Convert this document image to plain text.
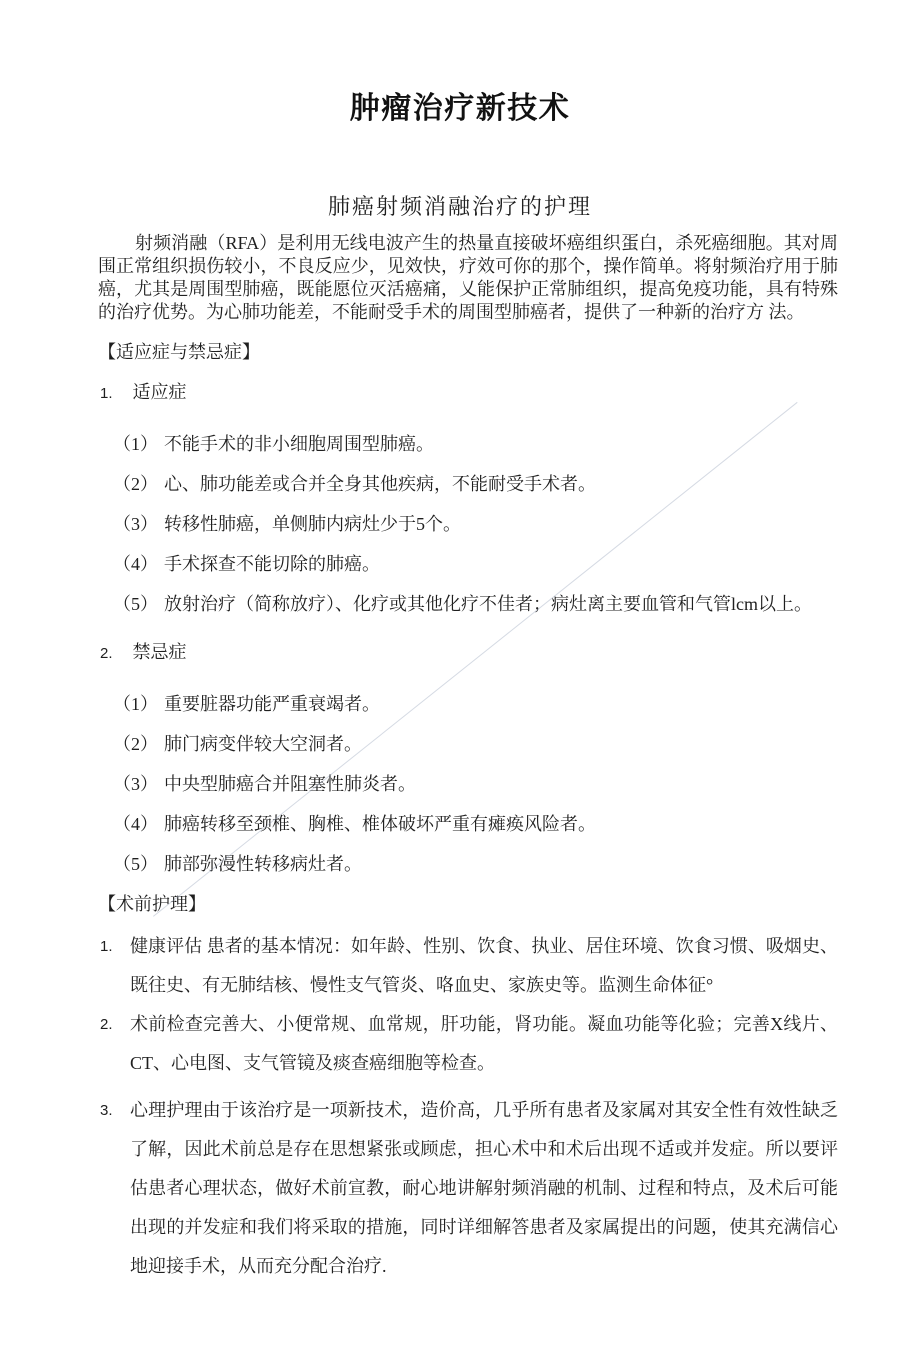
肿瘤治疗新技术
肺癌射频消融治疗的护理

射频消融（RFA）是利用无线电波产生的热量直接破坏癌组织蛋白，杀死癌细胞。其对周围正常组织损伤较小，不良反应少，见效快，疗效可你的那个，操作简单。将射频治疗用于肺癌，尤其是周围型肺癌，既能愿位灭活癌痛，乂能保护正常肺组织，提高免疫功能，具有特殊的治疗优势。为心肺功能差，不能耐受手术的周围型肺癌者，提供了一种新的治疗方 法。

【适应症与禁忌症】
1. 适应症
（1） 不能手术的非小细胞周围型肺癌。
（2） 心、肺功能差或合并全身其他疾病，不能耐受手术者。
（3） 转移性肺癌，单侧肺内病灶少于5个。
（4） 手术探查不能切除的肺癌。
（5） 放射治疗（简称放疗）、化疗或其他化疗不佳者；病灶离主要血管和气管lcm以上。
2. 禁忌症
（1） 重要脏器功能严重衰竭者。
（2） 肺门病变伴较大空洞者。
（3） 中央型肺癌合并阻塞性肺炎者。
（4） 肺癌转移至颈椎、胸椎、椎体破坏严重有瘫痪风险者。
（5） 肺部弥漫性转移病灶者。
【术前护理】
1. 健康评估 患者的基本情况：如年龄、性别、饮食、执业、居住环境、饮食习惯、吸烟史、既往史、有无肺结核、慢性支气管炎、咯血史、家族史等。监测生命体征°
2. 术前检查完善大、小便常规、血常规，肝功能，肾功能。凝血功能等化验；完善X线片、CT、心电图、支气管镜及痰查癌细胞等检查。
3. 心理护理由于该治疗是一项新技术，造价高，几乎所有患者及家属对其安全性有效性缺乏了解，因此术前总是存在思想紧张或顾虑，担心术中和术后出现不适或并发症。所以要评估患者心理状态，做好术前宣教，耐心地讲解射频消融的机制、过程和特点，及术后可能出现的并发症和我们将采取的措施，同时详细解答患者及家属提出的问题，使其充满信心地迎接手术，从而充分配合治疗.
